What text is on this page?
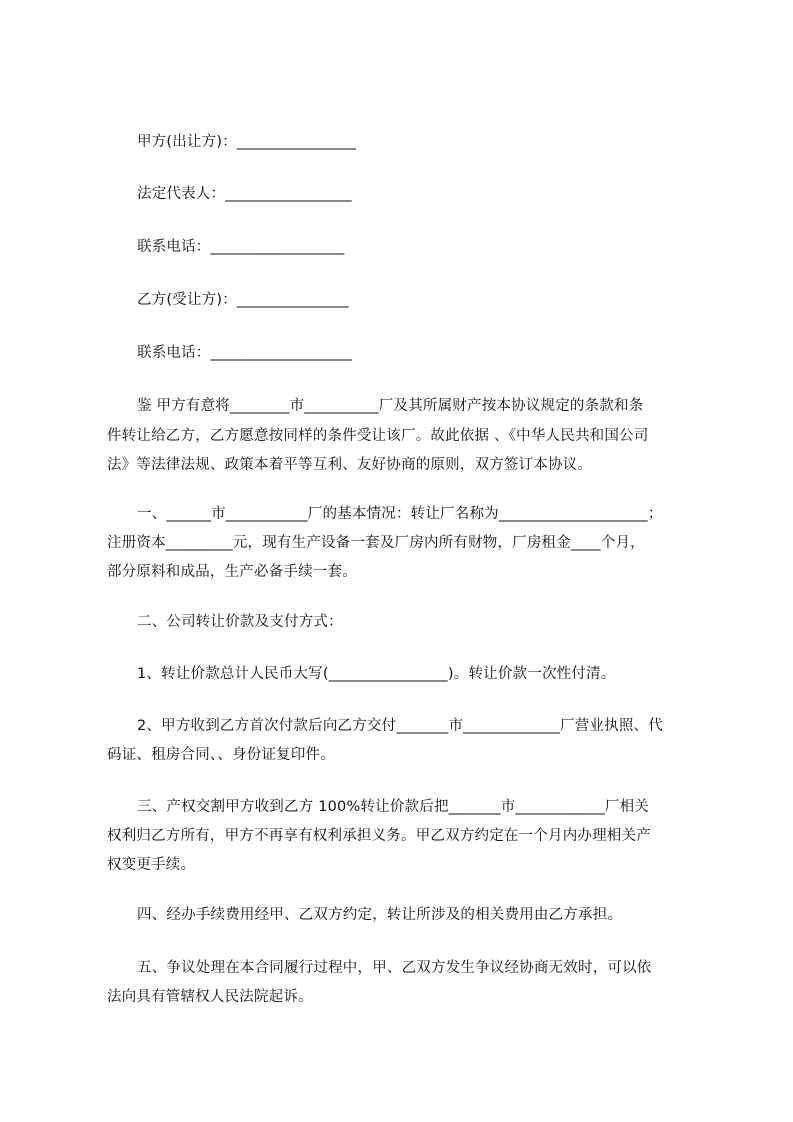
甲方(出让方)：________________
法定代表人：_________________
联系电话：__________________
乙方(受让方)：_______________
联系电话：___________________
鉴 甲方有意将________市__________厂及其所属财产按本协议规定的条款和条
件转让给乙方，乙方愿意按同样的条件受让该厂。故此依据 、《中华人民共和国公司
法》等法律法规、政策本着平等互利、友好协商的原则，双方签订本协议。
一、______市___________厂的基本情况：转让厂名称为____________________；
注册资本_________元，现有生产设备一套及厂房内所有财物，厂房租金____个月，
部分原料和成品，生产必备手续一套。
二、公司转让价款及支付方式：
1、转让价款总计人民币大写(________________)。转让价款一次性付清。
2、甲方收到乙方首次付款后向乙方交付_______市_____________厂营业执照、代
码证、租房合同、、身份证复印件。
三、产权交割甲方收到乙方 100%转让价款后把_______市____________厂相关
权利归乙方所有，甲方不再享有权利承担义务。甲乙双方约定在一个月内办理相关产
权变更手续。
四、经办手续费用经甲、乙双方约定，转让所涉及的相关费用由乙方承担。
五、争议处理在本合同履行过程中，甲、乙双方发生争议经协商无效时，可以依
法向具有管辖权人民法院起诉。
